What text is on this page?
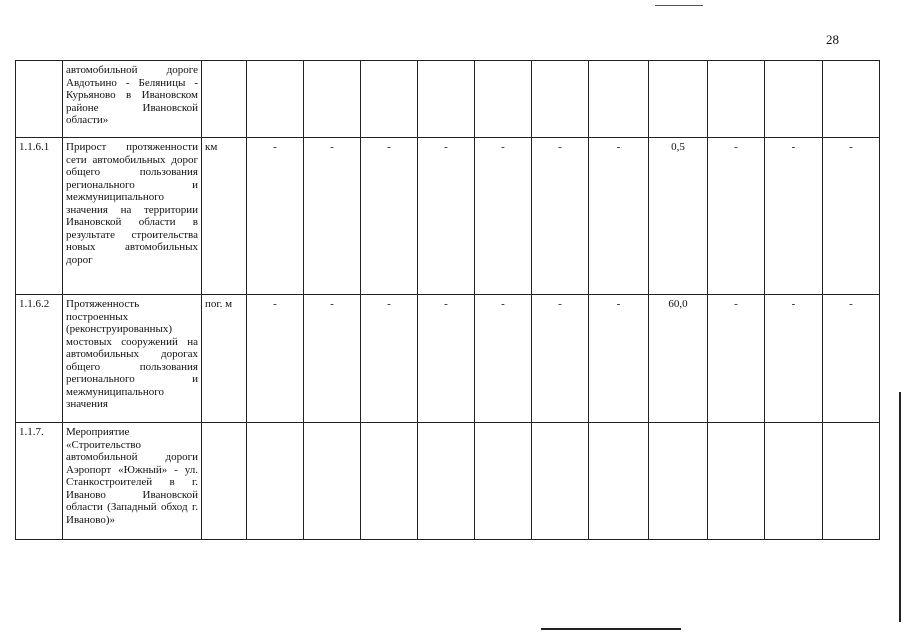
28
	автомобильной дороге Авдотьино - Беляницы - Курьяново в Ивановском районе Ивановской области»												
1.1.6.1	Прирост протяженности сети автомобильных дорог общего пользования регионального и межмуниципального значения на территории Ивановской области в результате строительства новых автомобильных дорог	км	-	-	-	-	-	-	-	0,5	-	-	-
1.1.6.2	Протяженность построенных (реконструированных) мостовых сооружений на автомобильных дорогах общего пользования регионального и межмуниципального значения	пог. м	-	-	-	-	-	-	-	60,0	-	-	-
1.1.7.	Мероприятие «Строительство автомобильной дороги Аэропорт «Южный» - ул. Станкостроителей в г. Иваново Ивановской области (Западный обход г. Иваново)»												
